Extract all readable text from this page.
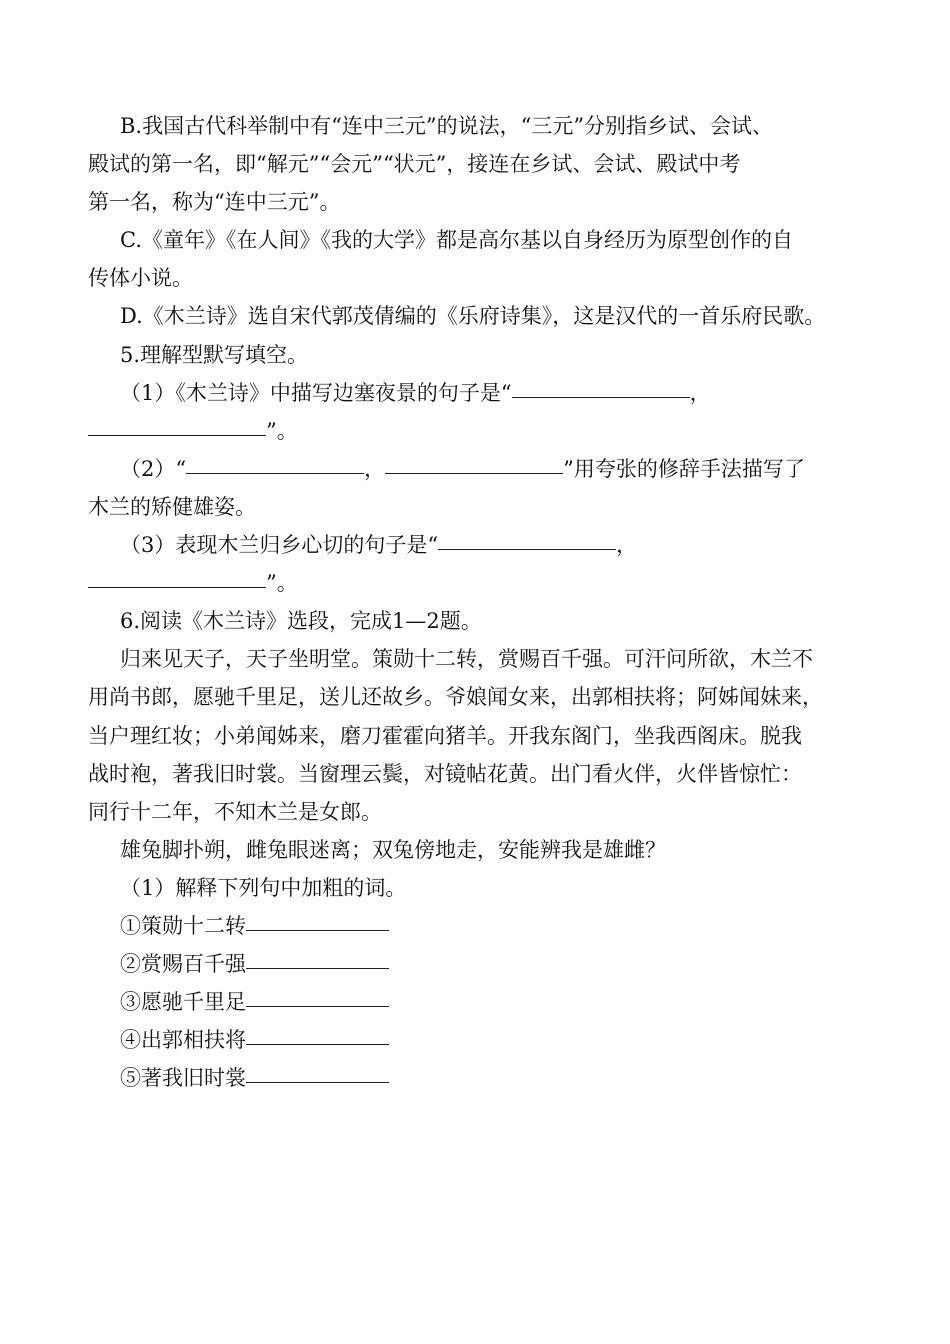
B.我国古代科举制中有“连中三元”的说法，“三元”分别指乡试、会试、
殿试的第一名，即“解元”“会元”“状元”，接连在乡试、会试、殿试中考
第一名，称为“连中三元”。
C.《童年》《在人间》《我的大学》都是高尔基以自身经历为原型创作的自
传体小说。
D.《木兰诗》选自宋代郭茂倩编的《乐府诗集》，这是汉代的一首乐府民歌。
5.理解型默写填空。
（1）《木兰诗》中描写边塞夜景的句子是“	，
”。
（2）“	，	”用夸张的修辞手法描写了
木兰的矫健雄姿。
（3）表现木兰归乡心切的句子是“	，
”。
6.阅读《木兰诗》选段，完成1—2题。
归来见天子，天子坐明堂。策勋十二转，赏赐百千强。可汗问所欲，木兰不
用尚书郎，愿驰千里足，送儿还故乡。爷娘闻女来，出郭相扶将；阿姊闻妹来，
当户理红妆；小弟闻姊来，磨刀霍霍向猪羊。开我东阁门，坐我西阁床。脱我
战时袍，著我旧时裳。当窗理云鬓，对镜帖花黄。出门看火伴，火伴皆惊忙：
同行十二年，不知木兰是女郎。
雄兔脚扑朔，雌兔眼迷离；双兔傍地走，安能辨我是雄雌？
（1）解释下列句中加粗的词。
①策勋十二转
②赏赐百千强
③愿驰千里足
④出郭相扶将
⑤著我旧时裳
